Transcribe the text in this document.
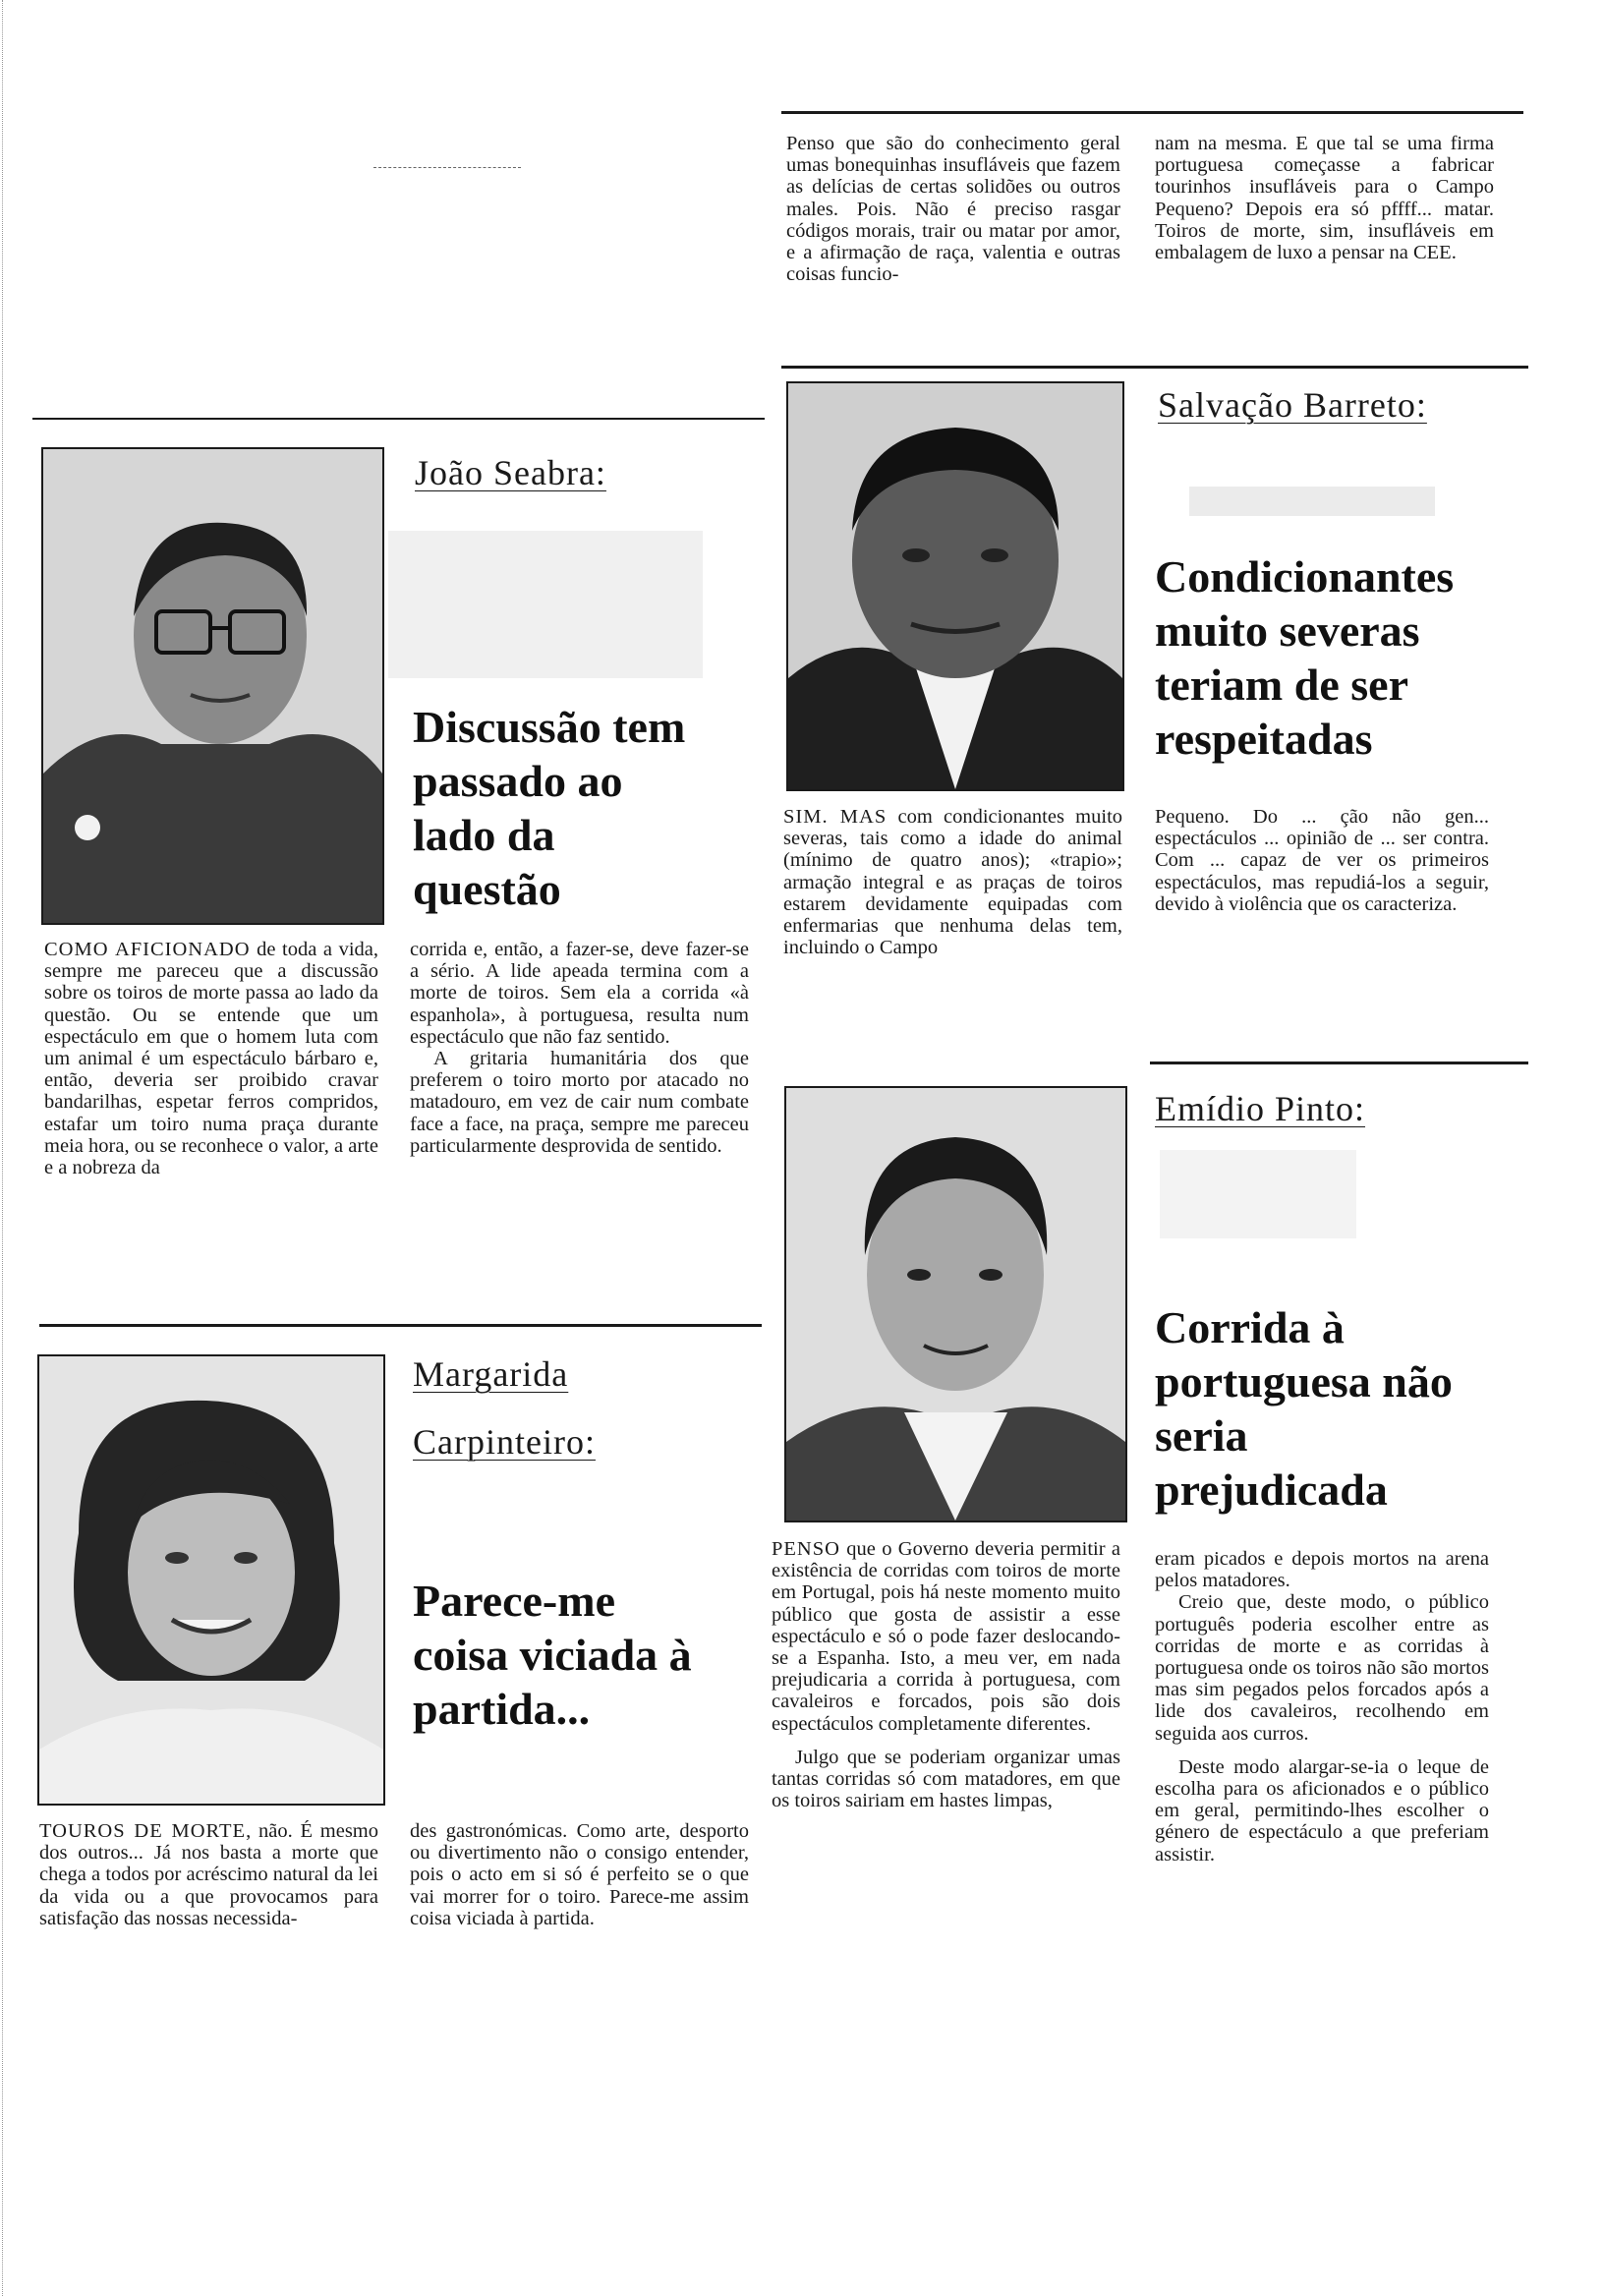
Penso que são do conhecimento geral umas bonequinhas insufláveis que fazem as delícias de certas solidões ou outros males. Pois. Não é preciso rasgar códigos morais, trair ou matar por amor, e a afirmação de raça, valentia e outras coisas funcio-

nam na mesma. E que tal se uma firma portuguesa começasse a fabricar tourinhos insufláveis para o Campo Pequeno? Depois era só pffff... matar. Toiros de morte, sim, insufláveis em embalagem de luxo a pensar na CEE.

João Seabra:
Discussão tem passado ao lado da questão

COMO AFICIONADO de toda a vida, sempre me pareceu que a discussão sobre os toiros de morte passa ao lado da questão. Ou se entende que um espectáculo em que o homem luta com um animal é um espectáculo bárbaro e, então, deveria ser proibido cravar bandarilhas, espetar ferros compridos, estafar um toiro numa praça durante meia hora, ou se reconhece o valor, a arte e a nobreza da

corrida e, então, a fazer-se, deve fazer-se a sério. A lide apeada termina com a morte de toiros. Sem ela a corrida «à espanhola», à portuguesa, resulta num espectáculo que não faz sentido.

A gritaria humanitária dos que preferem o toiro morto por atacado no matadouro, em vez de cair num combate face a face, na praça, sempre me pareceu particularmente desprovida de sentido.

Margarida
Carpinteiro:
Parece-me coisa viciada à partida...

TOUROS DE MORTE, não. É mesmo dos outros... Já nos basta a morte que chega a todos por acréscimo natural da lei da vida ou a que provocamos para satisfação das nossas necessida-

des gastronómicas. Como arte, desporto ou divertimento não o consigo entender, pois o acto em si só é perfeito se o que vai morrer for o toiro. Parece-me assim coisa viciada à partida.

Salvação Barreto:
Condicionantes muito severas teriam de ser respeitadas

SIM. MAS com condicionantes muito severas, tais como a idade do animal (mínimo de quatro anos); «trapio»; armação integral e as praças de toiros estarem devidamente equipadas com enfermarias que nenhuma delas tem, incluindo o Campo

Pequeno. Do ... ção não gen... espectáculos ... opinião de ... ser contra. Com ... capaz de ver os primeiros espectáculos, mas repudiá-los a seguir, devido à violência que os caracteriza.

Emídio Pinto:
Corrida à portuguesa não seria prejudicada

PENSO que o Governo deveria permitir a existência de corridas com toiros de morte em Portugal, pois há neste momento muito público que gosta de assistir a esse espectáculo e só o pode fazer deslocando-se a Espanha. Isto, a meu ver, em nada prejudicaria a corrida à portuguesa, com cavaleiros e forcados, pois são dois espectáculos completamente diferentes.

Julgo que se poderiam organizar umas tantas corridas só com matadores, em que os toiros sairiam em hastes limpas,

eram picados e depois mortos na arena pelos matadores.

Creio que, deste modo, o público português poderia escolher entre as corridas de morte e as corridas à portuguesa onde os toiros não são mortos mas sim pegados pelos forcados após a lide dos cavaleiros, recolhendo em seguida aos curros.

Deste modo alargar-se-ia o leque de escolha para os aficionados e o público em geral, permitindo-lhes escolher o género de espectáculo a que preferiam assistir.
